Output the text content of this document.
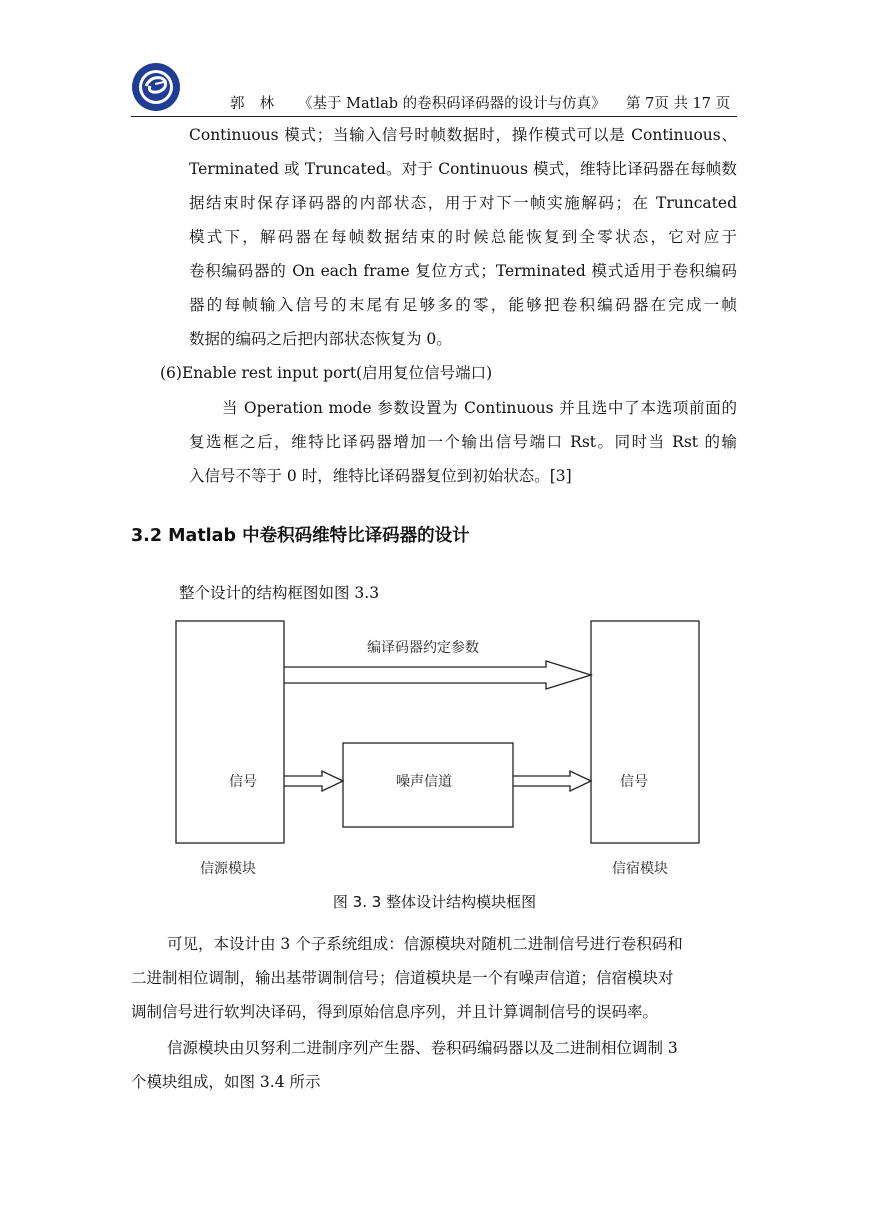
郭林 《基于 Matlab 的卷积码译码器的设计与仿真》 第 7页 共 17 页
Continuous 模式；当输入信号时帧数据时，操作模式可以是 Continuous、
Terminated 或 Truncated。对于 Continuous 模式，维特比译码器在每帧数
据结束时保存译码器的内部状态，用于对下一帧实施解码；在 Truncated
模式下，解码器在每帧数据结束的时候总能恢复到全零状态，它对应于
卷积编码器的 On each frame 复位方式；Terminated 模式适用于卷积编码
器的每帧输入信号的末尾有足够多的零，能够把卷积编码器在完成一帧
数据的编码之后把内部状态恢复为 0。
(6)Enable rest input port(启用复位信号端口)
当 Operation mode 参数设置为 Continuous 并且选中了本选项前面的
复选框之后，维特比译码器增加一个输出信号端口 Rst。同时当 Rst 的输
入信号不等于 0 时，维特比译码器复位到初始状态。[3]
3.2 Matlab 中卷积码维特比译码器的设计
整个设计的结构框图如图 3.3
编译码器约定参数
信号	噪声信道	信号
信源模块	信宿模块
图 3. 3 整体设计结构模块框图
可见，本设计由 3 个子系统组成：信源模块对随机二进制信号进行卷积码和
二进制相位调制，输出基带调制信号；信道模块是一个有噪声信道；信宿模块对
调制信号进行软判决译码，得到原始信息序列，并且计算调制信号的误码率。
信源模块由贝努利二进制序列产生器、卷积码编码器以及二进制相位调制 3
个模块组成，如图 3.4 所示
